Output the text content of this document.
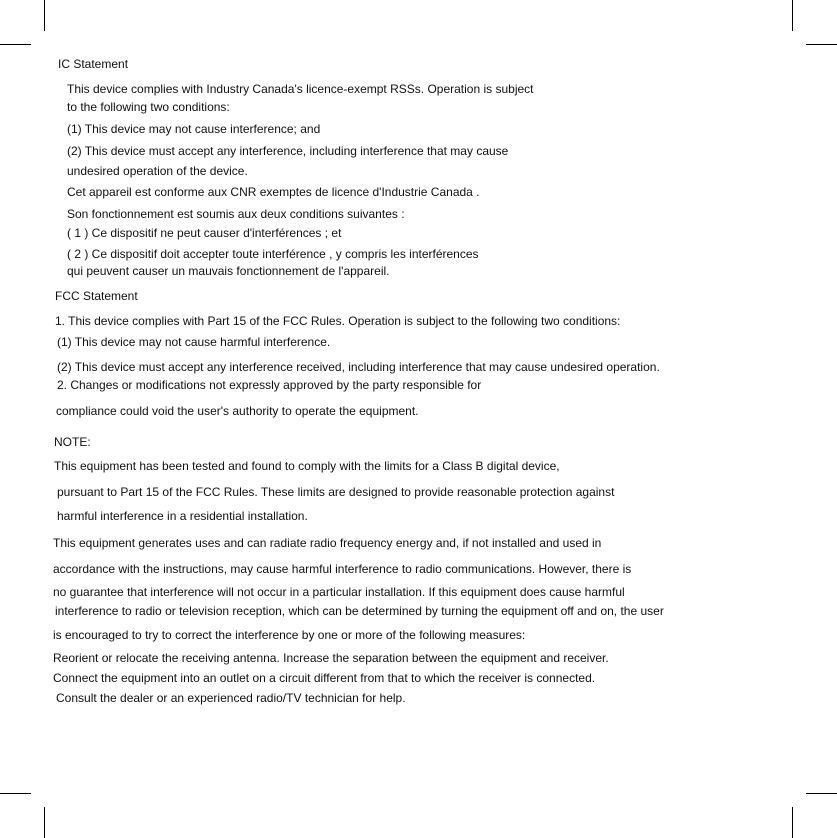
IC Statement
This device complies with Industry Canada's licence-exempt RSSs. Operation is subject
to the following two conditions:
(1) This device may not cause interference; and
(2) This device must accept any interference, including interference that may cause
undesired operation of the device.
Cet appareil est conforme aux CNR exemptes de licence d'Industrie Canada .
Son fonctionnement est soumis aux deux conditions suivantes :
( 1 ) Ce dispositif ne peut causer d'interférences ; et
( 2 ) Ce dispositif doit accepter toute interférence , y compris les interférences
qui peuvent causer un mauvais fonctionnement de l'appareil.
FCC Statement
1. This device complies with Part 15 of the FCC Rules. Operation is subject to the following two conditions:
(1) This device may not cause harmful interference.
(2) This device must accept any interference received, including interference that may cause undesired operation.
2. Changes or modifications not expressly approved by the party responsible for
compliance could void the user's authority to operate the equipment.
NOTE:
This equipment has been tested and found to comply with the limits for a Class B digital device,
pursuant to Part 15 of the FCC Rules. These limits are designed to provide reasonable protection against
harmful interference in a residential installation.
This equipment generates uses and can radiate radio frequency energy and, if not installed and used in
accordance with the instructions, may cause harmful interference to radio communications. However, there is
no guarantee that interference will not occur in a particular installation. If this equipment does cause harmful
interference to radio or television reception, which can be determined by turning the equipment off and on, the user
is encouraged to try to correct the interference by one or more of the following measures:
Reorient or relocate the receiving antenna. Increase the separation between the equipment and receiver.
Connect the equipment into an outlet on a circuit different from that to which the receiver is connected.
Consult the dealer or an experienced radio/TV technician for help.
